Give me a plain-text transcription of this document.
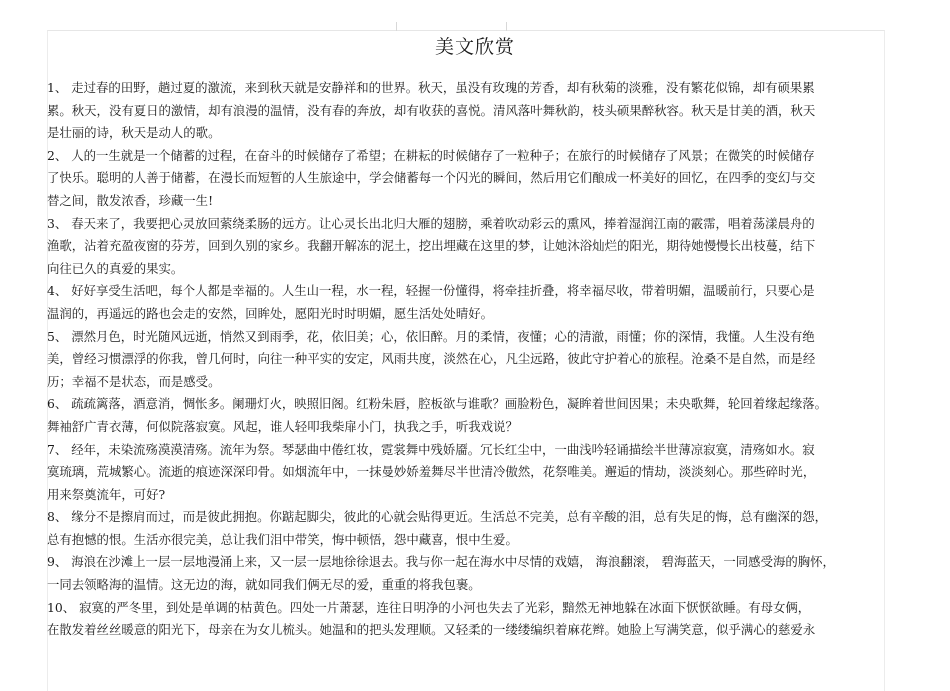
美文欣赏
1、 走过春的田野，趟过夏的激流，来到秋天就是安静祥和的世界。秋天，虽没有玫瑰的芳香，却有秋菊的淡雅，没有繁花似锦，却有硕果累
累。秋天，没有夏日的激情，却有浪漫的温情，没有春的奔放，却有收获的喜悦。清风落叶舞秋韵，枝头硕果醉秋容。秋天是甘美的酒，秋天
是壮丽的诗，秋天是动人的歌。
2、 人的一生就是一个储蓄的过程，在奋斗的时候储存了希望；在耕耘的时候储存了一粒种子；在旅行的时候储存了风景；在微笑的时候储存
了快乐。聪明的人善于储蓄，在漫长而短暂的人生旅途中，学会储蓄每一个闪光的瞬间，然后用它们酿成一杯美好的回忆，在四季的变幻与交
替之间，散发浓香，珍藏一生!
3、 春天来了，我要把心灵放回萦绕柔肠的远方。让心灵长出北归大雁的翅膀，乘着吹动彩云的熏风，捧着湿润江南的霰霈，唱着荡漾晨舟的
渔歌，沾着充盈夜窗的芬芳，回到久别的家乡。我翻开解冻的泥土，挖出埋藏在这里的梦，让她沐浴灿烂的阳光，期待她慢慢长出枝蔓，结下
向往已久的真爱的果实。
4、 好好享受生活吧，每个人都是幸福的。人生山一程，水一程，轻握一份懂得，将牵挂折叠，将幸福尽收，带着明媚，温暖前行，只要心是
温润的，再遥远的路也会走的安然，回眸处，愿阳光时时明媚，愿生活处处晴好。
5、 漂然月色，时光随风远逝，悄然又到雨季，花，依旧美；心，依旧醉。月的柔情，夜懂；心的清澈，雨懂；你的深情，我懂。人生没有绝
美，曾经习惯漂浮的你我，曾几何时，向往一种平实的安定，风雨共度，淡然在心，凡尘远路，彼此守护着心的旅程。沧桑不是自然，而是经
历；幸福不是状态，而是感受。
6、 疏疏篱落，酒意消，惆怅多。阑珊灯火，映照旧阁。红粉朱唇，腔板欲与谁歌？画脸粉色，凝眸着世间因果；未央歌舞，轮回着缘起缘落。
舞袖舒广青衣薄，何似院落寂寞。风起，谁人轻叩我柴扉小门，执我之手，听我戏说？
7、 经年，未染流殇漠漠清殇。流年为祭。琴瑟曲中倦红妆，霓裳舞中残娇靥。冗长红尘中，一曲浅吟轻诵描绘半世薄凉寂寞，清殇如水。寂
寞琉璃，荒城繁心。流逝的痕迹深深印骨。如烟流年中，一抹曼妙娇羞舞尽半世清冷傲然，花祭唯美。邂逅的情劫，淡淡刻心。那些碎时光，
用来祭奠流年，可好?
8、 缘分不是擦肩而过，而是彼此拥抱。你踮起脚尖，彼此的心就会贴得更近。生活总不完美，总有辛酸的泪，总有失足的悔，总有幽深的怨，
总有抱憾的恨。生活亦很完美，总让我们泪中带笑，悔中顿悟，怨中藏喜，恨中生爱。
9、 海浪在沙滩上一层一层地漫涌上来，又一层一层地徐徐退去。我与你一起在海水中尽情的戏嬉， 海浪翻滚， 碧海蓝天，一同感受海的胸怀，
一同去领略海的温情。这无边的海，就如同我们俩无尽的爱，重重的将我包裹。
10、 寂寞的严冬里，到处是单调的枯黄色。四处一片萧瑟，连往日明净的小河也失去了光彩，黯然无神地躲在冰面下恹恹欲睡。有母女俩，
在散发着丝丝暖意的阳光下，母亲在为女儿梳头。她温和的把头发理顺。又轻柔的一缕缕编织着麻花辫。她脸上写满笑意，似乎满心的慈爱永
